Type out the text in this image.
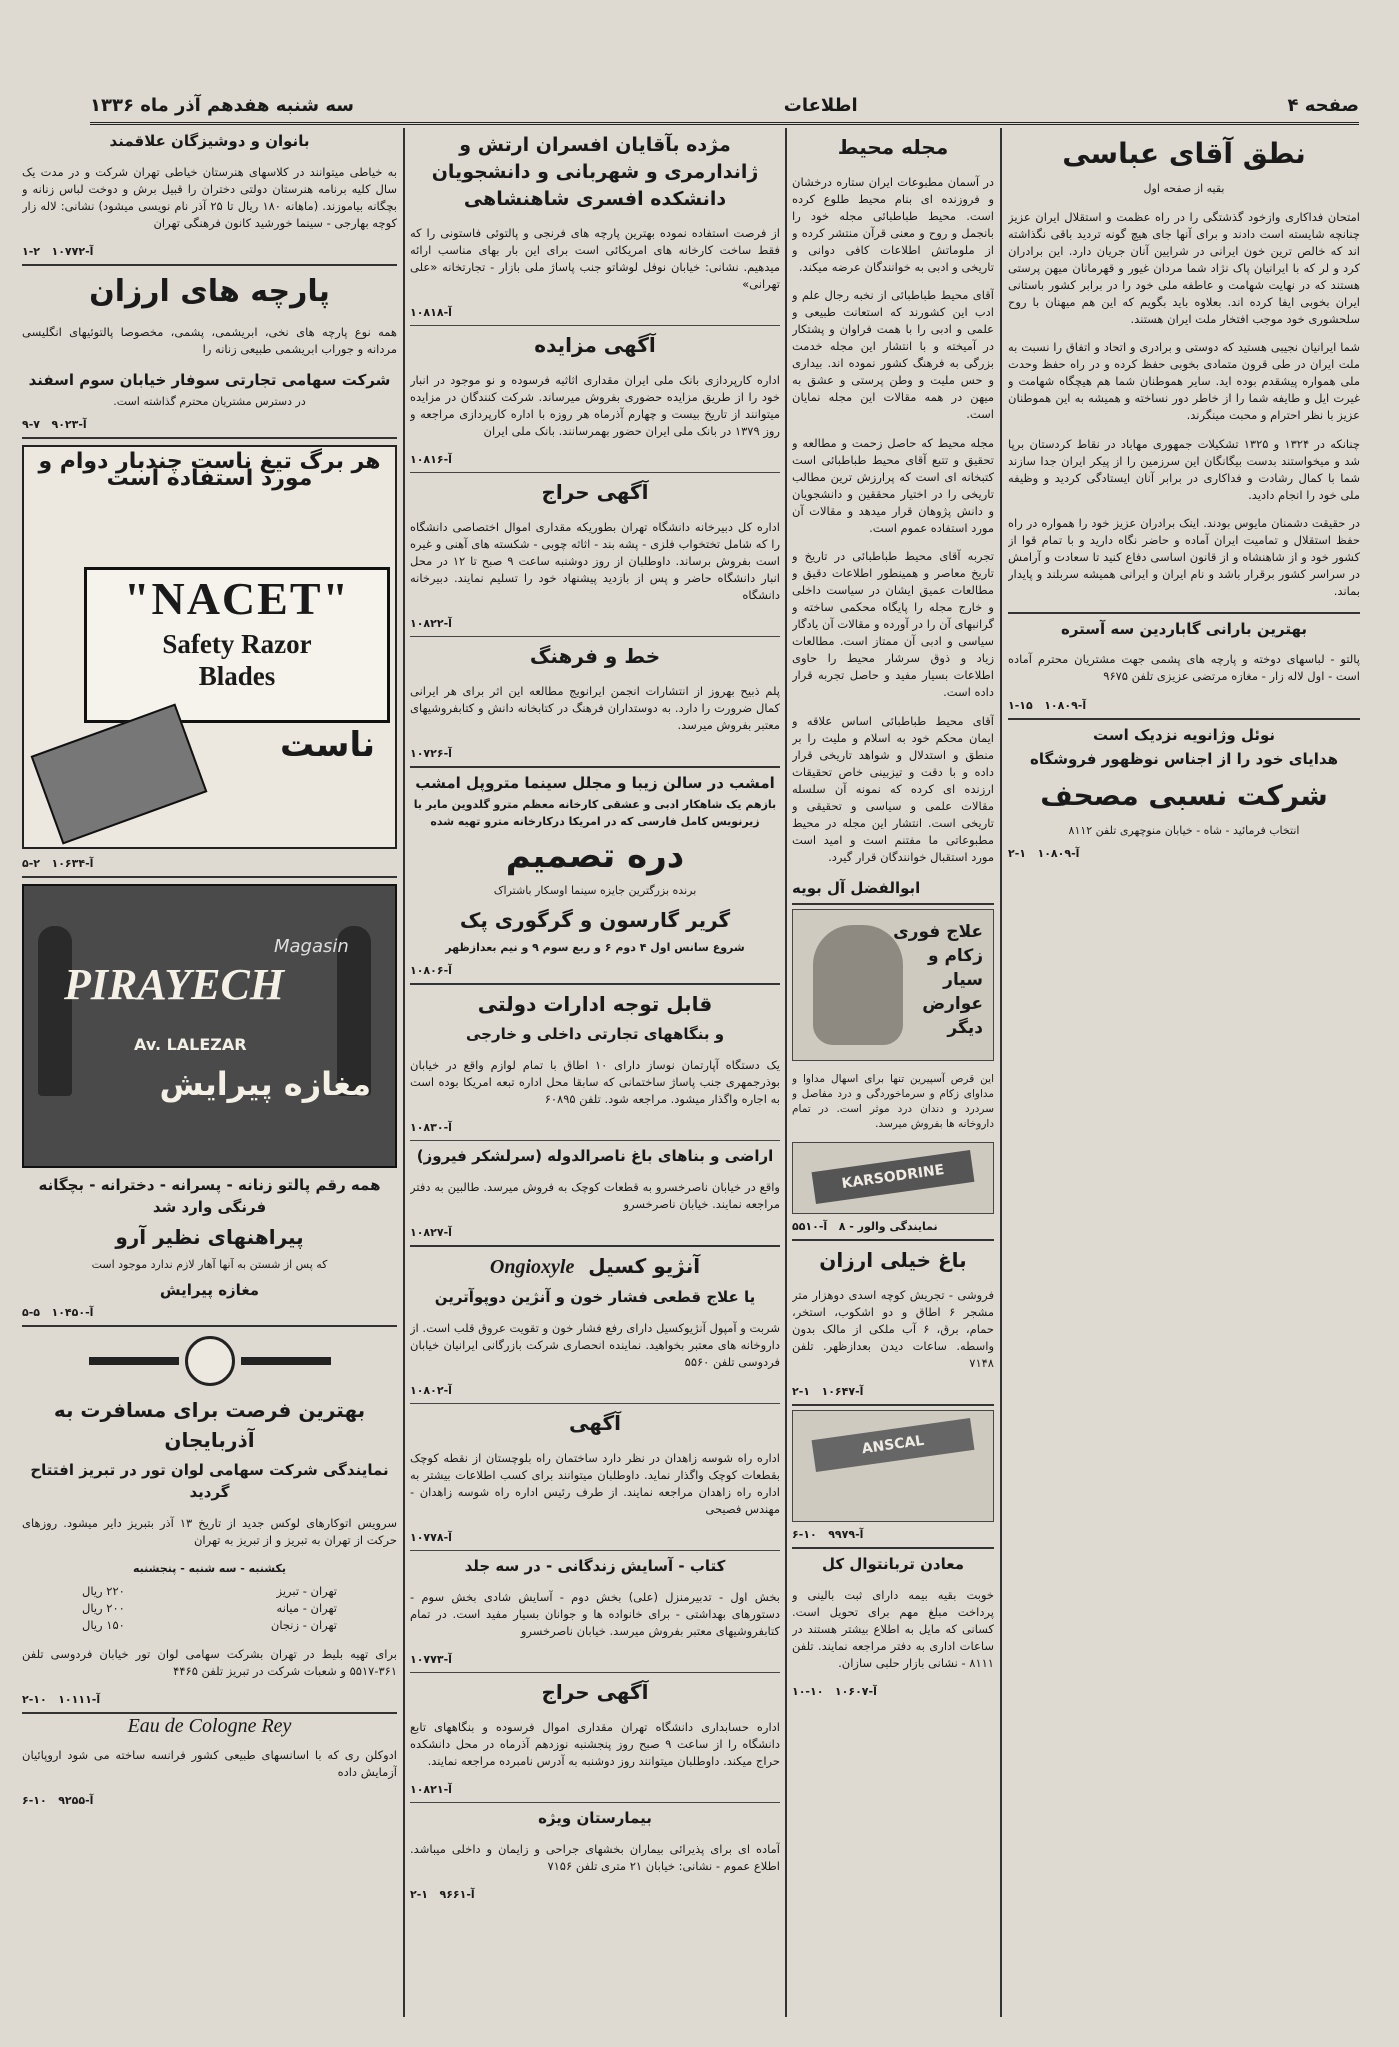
صفحه ۴
اطلاعات
سه شنبه هفدهم آذر ماه ۱۳۳۶
نطق آقای عباسی
بقیه از صفحه اول

امتحان فداکاری وازخود گذشتگی را در راه عظمت و استقلال ایران عزیز چنانچه شایسته است دادند و برای آنها جای هیچ گونه تردید باقی نگذاشته اند که خالص ترین خون ایرانی در شرایین آنان جریان دارد. این برادران کرد و لر که با ایرانیان پاک نژاد شما مردان غیور و قهرمانان میهن پرستی هستند که در نهایت شهامت و عاطفه ملی خود را در برابر کشور باستانی ایران بخوبی ایفا کرده اند. بعلاوه باید بگویم که این هم میهنان با روح سلحشوری خود موجب افتخار ملت ایران هستند.

شما ایرانیان نجیبی هستید که دوستی و برادری و اتحاد و اتفاق را نسبت به ملت ایران در طی قرون متمادی بخوبی حفظ کرده و در راه حفظ وحدت ملی همواره پیشقدم بوده اید. سایر هموطنان شما هم هیچگاه شهامت و غیرت ایل و طایفه شما را از خاطر دور نساخته و همیشه به این هموطنان عزیز با نظر احترام و محبت مینگرند.

چنانکه در ۱۳۲۴ و ۱۳۲۵ تشکیلات جمهوری مهاباد در نقاط کردستان برپا شد و میخواستند بدست بیگانگان این سرزمین را از پیکر ایران جدا سازند شما با کمال رشادت و فداکاری در برابر آنان ایستادگی کردید و وظیفه ملی خود را انجام دادید.

در حقیقت دشمنان مایوس بودند. اینک برادران عزیز خود را همواره در راه حفظ استقلال و تمامیت ایران آماده و حاضر نگاه دارید و با تمام قوا از کشور خود و از شاهنشاه و از قانون اساسی دفاع کنید تا سعادت و آرامش در سراسر کشور برقرار باشد و نام ایران و ایرانی همیشه سربلند و پایدار بماند.

بهترین بارانی گاباردین سه آستره

پالتو - لباسهای دوخته و پارچه های پشمی جهت مشتریان محترم آماده است - اول لاله زار - مغازه مرتضی عزیزی تلفن ۹۶۷۵

۱-۱۵ آ-۱۰۸۰۹
نوئل وژانویه نزدیک است
هدایای خود را از اجناس نوظهور فروشگاه
شرکت نسبی مصحف
انتخاب فرمائید - شاه - خیابان منوچهری تلفن ۸۱۱۲
۲-۱ آ-۱۰۸۰۹
مجله محیط

در آسمان مطبوعات ایران ستاره درخشان و فروزنده ای بنام محیط طلوع کرده است. محیط طباطبائی مجله خود را بانجمل و روح و معنی قرآن منتشر کرده و از ملوماتش اطلاعات کافی دوانی و تاریخی و ادبی به خوانندگان عرضه میکند.

آقای محیط طباطبائی از نخبه رجال علم و ادب این کشورند که استعانت طبیعی و علمی و ادبی را با همت فراوان و پشتکار در آمیخته و با انتشار این مجله خدمت بزرگی به فرهنگ کشور نموده اند. بیداری و حس ملیت و وطن پرستی و عشق به میهن در همه مقالات این مجله نمایان است.

مجله محیط که حاصل زحمت و مطالعه و تحقیق و تتبع آقای محیط طباطبائی است کتبخانه ای است که پرارزش ترین مطالب تاریخی را در اختیار محققین و دانشجویان و دانش پژوهان قرار میدهد و مقالات آن مورد استفاده عموم است.

تجربه آقای محیط طباطبائی در تاریخ و تاریخ معاصر و همینطور اطلاعات دقیق و مطالعات عمیق ایشان در سیاست داخلی و خارج مجله را پایگاه محکمی ساخته و گرانبهای آن را در آورده و مقالات آن یادگار سیاسی و ادبی آن ممتاز است. مطالعات زیاد و ذوق سرشار محیط را حاوی اطلاعات بسیار مفید و حاصل تجربه قرار داده است.

آقای محیط طباطبائی اساس علاقه و ایمان محکم خود به اسلام و ملیت را بر منطق و استدلال و شواهد تاریخی قرار داده و با دقت و تیزبینی خاص تحقیقات ارزنده ای کرده که نمونه آن سلسله مقالات علمی و سیاسی و تحقیقی و تاریخی است. انتشار این مجله در محیط مطبوعاتی ما مفتنم است و امید است مورد استقبال خوانندگان قرار گیرد.

ابوالفضل آل بویه
علاج فوری زکام و سیار عوارض دیگر

این قرص آسپیرین تنها برای اسهال مداوا و مداوای زکام و سرماخوردگی و درد مفاصل و سردرد و دندان درد موثر است. در تمام داروخانه ها بفروش میرسد.

KARSODRINE
نمایندگی والور - ۸   آ-۵۵۱۰
باغ خیلی ارزان

فروشی - تجریش کوچه اسدی دوهزار متر مشجر ۶ اطاق و دو اشکوب، استخر، حمام، برق، ۶ آب ملکی از مالک بدون واسطه. ساعات دیدن بعدازظهر. تلفن ۷۱۴۸

۲-۱ آ-۱۰۶۴۷
ANSCAL
۶-۱۰ آ-۹۹۷۹
معادن تربانتوال کل

خوبت بقیه بیمه دارای ثبت بالینی و پرداخت مبلغ مهم برای تحویل است. کسانی که مایل به اطلاع بیشتر هستند در ساعات اداری به دفتر مراجعه نمایند. تلفن ۸۱۱۱ - نشانی بازار حلبی سازان.

۱۰-۱۰ آ-۱۰۶۰۷
مژده بآقایان افسران ارتش و ژاندارمری و شهربانی و دانشجویان دانشکده افسری شاهنشاهی

از فرصت استفاده نموده بهترین پارچه های فرنجی و پالتوئی فاستونی را که فقط ساخت کارخانه های امریکائی است برای این بار بهای مناسب ارائه میدهیم. نشانی: خیابان نوفل لوشاتو جنب پاساژ ملی بازار - تجارتخانه «علی تهرانی»

آ-۱۰۸۱۸
آگهی مزایده

اداره کارپردازی بانک ملی ایران مقداری اثاثیه فرسوده و نو موجود در انبار خود را از طریق مزایده حضوری بفروش میرساند. شرکت کنندگان در مزایده میتوانند از تاریخ بیست و چهارم آذرماه هر روزه با اداره کارپردازی مراجعه و روز ۱۳۷۹ در بانک ملی ایران حضور بهمرسانند. بانک ملی ایران

آ-۱۰۸۱۶
آگهی حراج

اداره کل دبیرخانه دانشگاه تهران بطوریکه مقداری اموال اختصاصی دانشگاه را که شامل تختخواب فلزی - پشه بند - اثاثه چوبی - شکسته های آهنی و غیره است بفروش برساند. داوطلبان از روز دوشنبه ساعت ۹ صبح تا ۱۲ در محل انبار دانشگاه حاضر و پس از بازدید پیشنهاد خود را تسلیم نمایند. دبیرخانه دانشگاه

آ-۱۰۸۲۲
خط و فرهنگ

پلم ذبیح بهروز از انتشارات انجمن ایرانویج مطالعه این اثر برای هر ایرانی کمال ضرورت را دارد. به دوستداران فرهنگ در کتابخانه دانش و کتابفروشیهای معتبر بفروش میرسد.

آ-۱۰۷۲۶
امشب در سالن زیبا و مجلل سینما متروپل امشب
بازهم یک شاهکار ادبی و عشقی کارخانه معظم مترو گلدوین مایر با زیرنویس کامل فارسی که در امریکا درکارخانه مترو تهیه شده
دره تصمیم
برنده بزرگترین جایزه سینما اوسکار باشتراک
گریر گارسون و گرگوری پک
شروع سانس اول ۴ دوم ۶ و ربع سوم ۹ و نیم بعدازظهر
آ-۱۰۸۰۶
قابل توجه ادارات دولتی
و بنگاههای تجارتی داخلی و خارجی

یک دستگاه آپارتمان نوساز دارای ۱۰ اطاق با تمام لوازم واقع در خیابان بوذرجمهری جنب پاساژ ساختمانی که سابقا محل اداره تبعه امریکا بوده است به اجاره واگذار میشود. مراجعه شود. تلفن ۶۰۸۹۵

آ-۱۰۸۳۰
اراضی و بناهای باغ ناصرالدوله (سرلشکر فیروز)

واقع در خیابان ناصرخسرو به قطعات کوچک به فروش میرسد. طالبین به دفتر مراجعه نمایند. خیابان ناصرخسرو

آ-۱۰۸۲۷
آنژیو کسیل  Ongioxyle
یا علاج قطعی فشار خون و آنژین دوپوآترین

شربت و آمپول آنژیوکسیل دارای رفع فشار خون و تقویت عروق قلب است. از داروخانه های معتبر بخواهید. نماینده انحصاری شرکت بازرگانی ایرانیان خیابان فردوسی تلفن ۵۵۶۰

آ-۱۰۸۰۲
آگهی

اداره راه شوسه زاهدان در نظر دارد ساختمان راه بلوچستان از نقطه کوچک بقطعات کوچک واگذار نماید. داوطلبان میتوانند برای کسب اطلاعات بیشتر به اداره راه زاهدان مراجعه نمایند. از طرف رئیس اداره راه شوسه زاهدان - مهندس فصیحی

آ-۱۰۷۷۸
کتاب - آسایش زندگانی - در سه جلد

بخش اول - تدبیرمنزل (علی) بخش دوم - آسایش شادی بخش سوم - دستورهای بهداشتی - برای خانواده ها و جوانان بسیار مفید است. در تمام کتابفروشیهای معتبر بفروش میرسد. خیابان ناصرخسرو

آ-۱۰۷۷۳
آگهی حراج

اداره حسابداری دانشگاه تهران مقداری اموال فرسوده و بنگاههای تابع دانشگاه را از ساعت ۹ صبح روز پنجشنبه نوزدهم آذرماه در محل دانشکده حراج میکند. داوطلبان میتوانند روز دوشنبه به آدرس نامبرده مراجعه نمایند.

آ-۱۰۸۲۱
بیمارستان ویژه

آماده ای برای پذیرائی بیماران بخشهای جراحی و زایمان و داخلی میباشد. اطلاع عموم - نشانی: خیابان ۲۱ متری تلفن ۷۱۵۶

۲-۱ آ-۹۶۶۱
بانوان و دوشیزگان علاقمند

به خیاطی میتوانند در کلاسهای هنرستان خیاطی تهران شرکت و در مدت یک سال کلیه برنامه هنرستان دولتی دختران را قبیل برش و دوخت لباس زنانه و بچگانه بیاموزند. (ماهانه ۱۸۰ ریال تا ۲۵ آذر نام نویسی میشود) نشانی: لاله زار کوچه بهارجی - سینما خورشید کانون فرهنگی تهران

۱-۲ آ-۱۰۷۷۲
پارچه های ارزان

همه نوع پارچه های نخی، ابریشمی، پشمی، مخصوصا پالتوئیهای انگلیسی مردانه و جوراب ابریشمی طبیعی زنانه را

شرکت سهامی تجارتی سوفار خیابان سوم اسفند
در دسترس مشتریان محترم گذاشته است.
۹-۷ آ-۹۰۲۳
هر برگ تیغ ناست چندبار دوام و مورد استفاده است
"NACET"
Safety Razor
Blades
ناست
۵-۲ آ-۱۰۶۳۴
Magasin
PIRAYECH
Av. LALEZAR
مغازه پیرایش
همه رقم پالتو زنانه - پسرانه - دخترانه - بچگانه فرنگی وارد شد
پیراهنهای نظیر آرو
که پس از شستن به آنها آهار لازم ندارد موجود است
مغازه پیرایش
۵-۵ آ-۱۰۴۵۰
بهترین فرصت برای مسافرت به آذربایجان
نمایندگی شرکت سهامی لوان تور در تبریز افتتاح گردید

سرویس اتوکارهای لوکس جدید از تاریخ ۱۳ آذر بتبریز دایر میشود. روزهای حرکت از تهران به تبریز و از تبریز به تهران

یکشنبه - سه شنبه - پنجشنبه
تهران - تبریز
۲۲۰ ریال
تهران - میانه
۲۰۰ ریال
تهران - زنجان
۱۵۰ ریال

برای تهیه بلیط در تهران بشرکت سهامی لوان تور خیابان فردوسی تلفن ۳۶۱-۵۵۱۷ و شعبات شرکت در تبریز تلفن ۴۴۶۵

۲-۱۰ آ-۱۰۱۱۱
Eau de Cologne Rey

ادوکلن ری که با اسانسهای طبیعی کشور فرانسه ساخته می شود اروپائیان آزمایش داده

۶-۱۰ آ-۹۲۵۵
